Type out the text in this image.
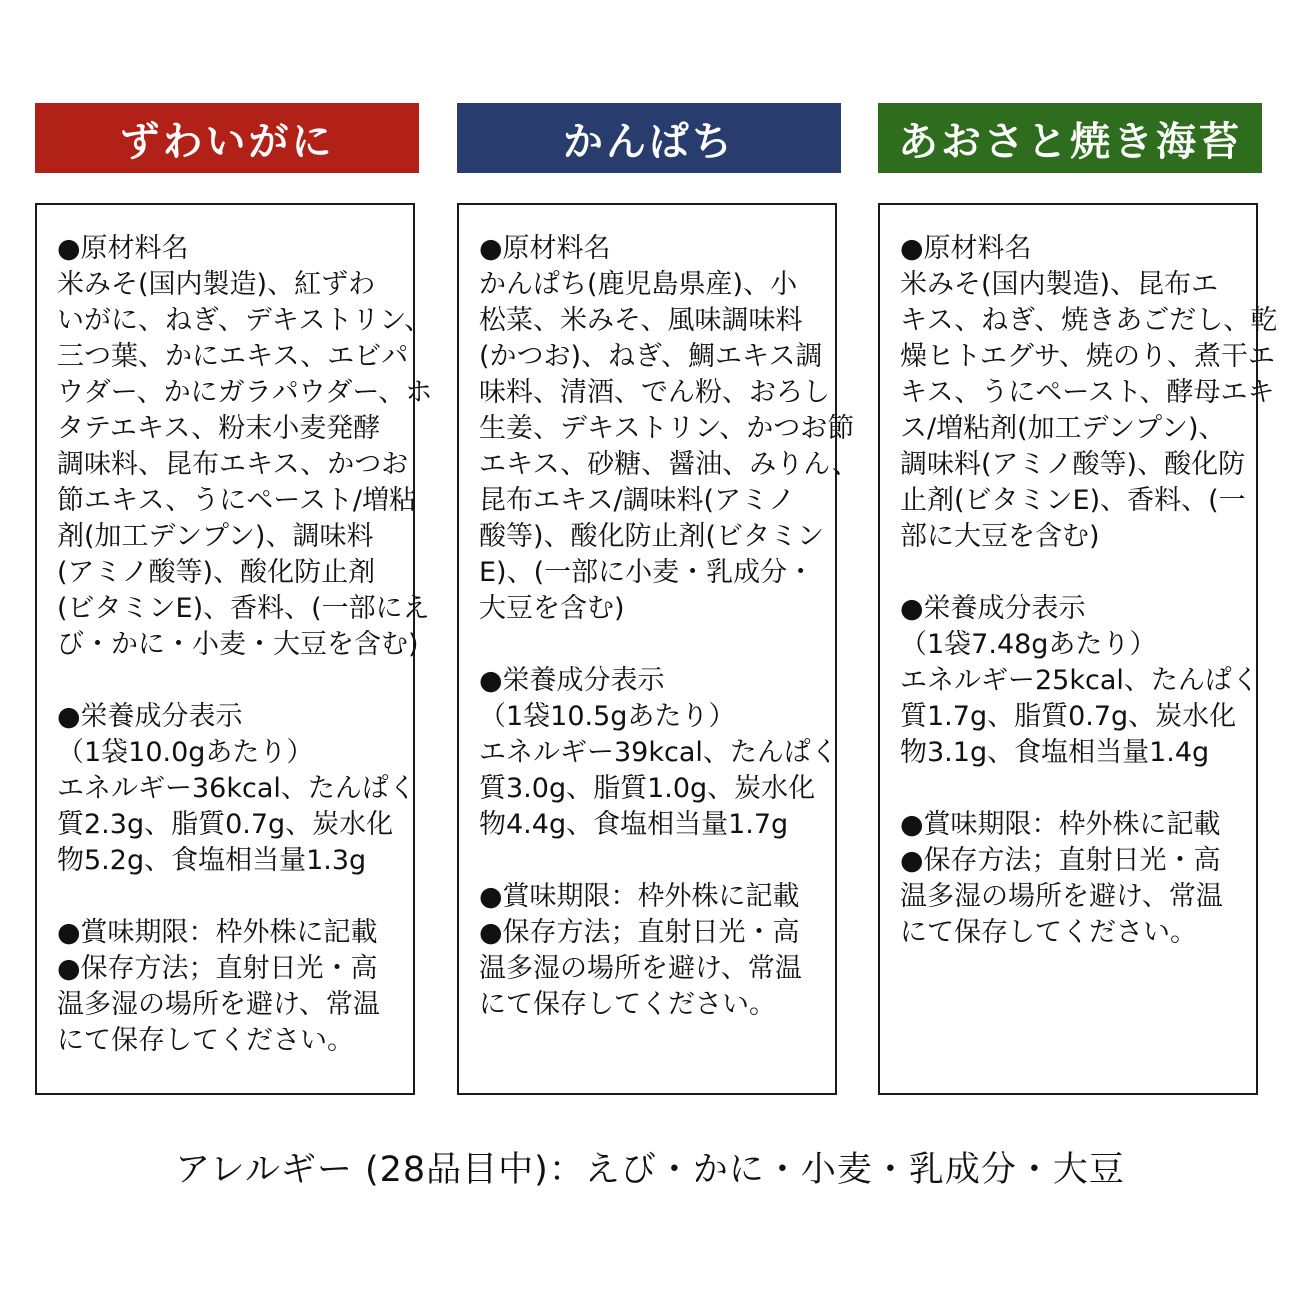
ずわいがに
●原材料名
米みそ(国内製造)、紅ずわ
いがに、ねぎ、デキストリン、
三つ葉、かにエキス、エビパ
ウダー、かにガラパウダー、ホ
タテエキス、粉末小麦発酵
調味料、昆布エキス、かつお
節エキス、うにペースト/増粘
剤(加工デンプン)、調味料
(アミノ酸等)、酸化防止剤
(ビタミンE)、香料、(一部にえ
び・かに・小麦・大豆を含む)
●栄養成分表示
（1袋10.0gあたり）
エネルギー36kcal、たんぱく
質2.3g、脂質0.7g、炭水化
物5.2g、食塩相当量1.3g
●賞味期限：枠外株に記載
●保存方法；直射日光・高
温多湿の場所を避け、常温
にて保存してください。
かんぱち
●原材料名
かんぱち(鹿児島県産)、小
松菜、米みそ、風味調味料
(かつお)、ねぎ、鯛エキス調
味料、清酒、でん粉、おろし
生姜、デキストリン、かつお節
エキス、砂糖、醤油、みりん、
昆布エキス/調味料(アミノ
酸等)、酸化防止剤(ビタミン
E)、(一部に小麦・乳成分・
大豆を含む)
●栄養成分表示
（1袋10.5gあたり）
エネルギー39kcal、たんぱく
質3.0g、脂質1.0g、炭水化
物4.4g、食塩相当量1.7g
●賞味期限：枠外株に記載
●保存方法；直射日光・高
温多湿の場所を避け、常温
にて保存してください。
あおさと焼き海苔
●原材料名
米みそ(国内製造)、昆布エ
キス、ねぎ、焼きあごだし、乾
燥ヒトエグサ、焼のり、煮干エ
キス、うにペースト、酵母エキ
ス/増粘剤(加工デンプン)、
調味料(アミノ酸等)、酸化防
止剤(ビタミンE)、香料、(一
部に大豆を含む)
●栄養成分表示
（1袋7.48gあたり）
エネルギー25kcal、たんぱく
質1.7g、脂質0.7g、炭水化
物3.1g、食塩相当量1.4g
●賞味期限：枠外株に記載
●保存方法；直射日光・高
温多湿の場所を避け、常温
にて保存してください。
アレルギー (28品目中)：えび・かに・小麦・乳成分・大豆
